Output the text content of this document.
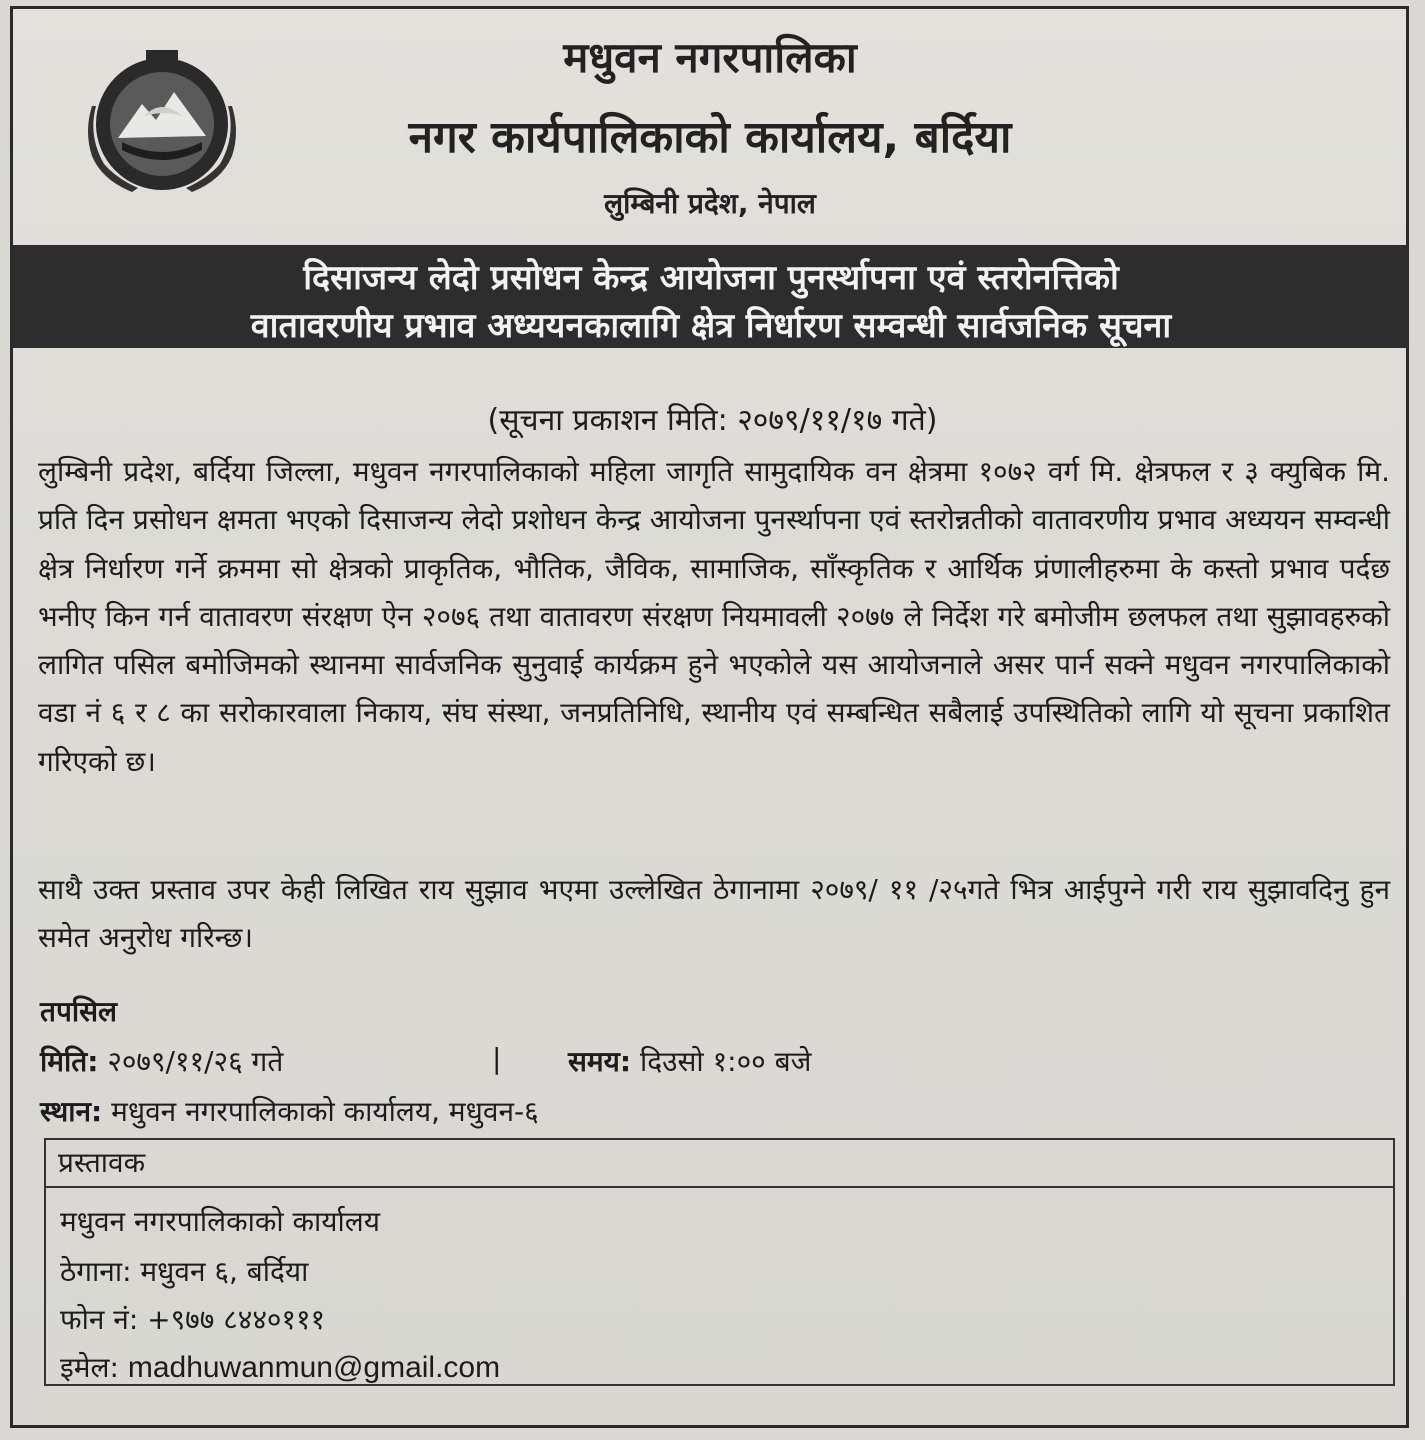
मधुवन नगरपालिका
नगर कार्यपालिकाको कार्यालय, बर्दिया
लुम्बिनी प्रदेश, नेपाल
दिसाजन्य लेदो प्रसोधन केन्द्र आयोजना पुनर्स्थापना एवं स्तरोनत्तिको
वातावरणीय प्रभाव अध्ययनकालागि क्षेत्र निर्धारण सम्वन्धी सार्वजनिक सूचना
(सूचना प्रकाशन मिति: २०७९/११/१७ गते)
लुम्बिनी प्रदेश, बर्दिया जिल्ला, मधुवन नगरपालिकाको महिला जागृति सामुदायिक वन क्षेत्रमा १०७२ वर्ग मि. क्षेत्रफल र ३ क्युबिक मि. प्रति दिन प्रसोधन क्षमता भएको दिसाजन्य लेदो प्रशोधन केन्द्र आयोजना पुनर्स्थापना एवं स्तरोन्नतीको वातावरणीय प्रभाव अध्ययन सम्वन्धी क्षेत्र निर्धारण गर्ने क्रममा सो क्षेत्रको प्राकृतिक, भौतिक, जैविक, सामाजिक, साँस्कृतिक र आर्थिक प्रंणालीहरुमा के कस्तो प्रभाव पर्दछ भनीए किन गर्न वातावरण संरक्षण ऐन २०७६ तथा वातावरण संरक्षण नियमावली २०७७ ले निर्देश गरे बमोजीम छलफल तथा सुझावहरुको लागित पसिल बमोजिमको स्थानमा सार्वजनिक सुनुवाई कार्यक्रम हुने भएकोले यस आयोजनाले असर पार्न सक्ने मधुवन नगरपालिकाको वडा नं ६ र ८ का सरोकारवाला निकाय, संघ संस्था, जनप्रतिनिधि, स्थानीय एवं सम्बन्धित सबैलाई उपस्थितिको लागि यो सूचना प्रकाशित गरिएको छ।
साथै उक्त प्रस्ताव उपर केही लिखित राय सुझाव भएमा उल्लेखित ठेगानामा २०७९/ ११ /२५गते भित्र आईपुग्ने गरी राय सुझावदिनु हुन समेत अनुरोध गरिन्छ।
तपसिल
मिति: २०७९/११/२६ गते	| समय: दिउसो १:०० बजे
स्थान: मधुवन नगरपालिकाको कार्यालय, मधुवन-६
प्रस्तावक
मधुवन नगरपालिकाको कार्यालय
ठेगाना: मधुवन ६, बर्दिया
फोन नं: +९७७ ८४४०१११
इमेल: madhuwanmun@gmail.com
